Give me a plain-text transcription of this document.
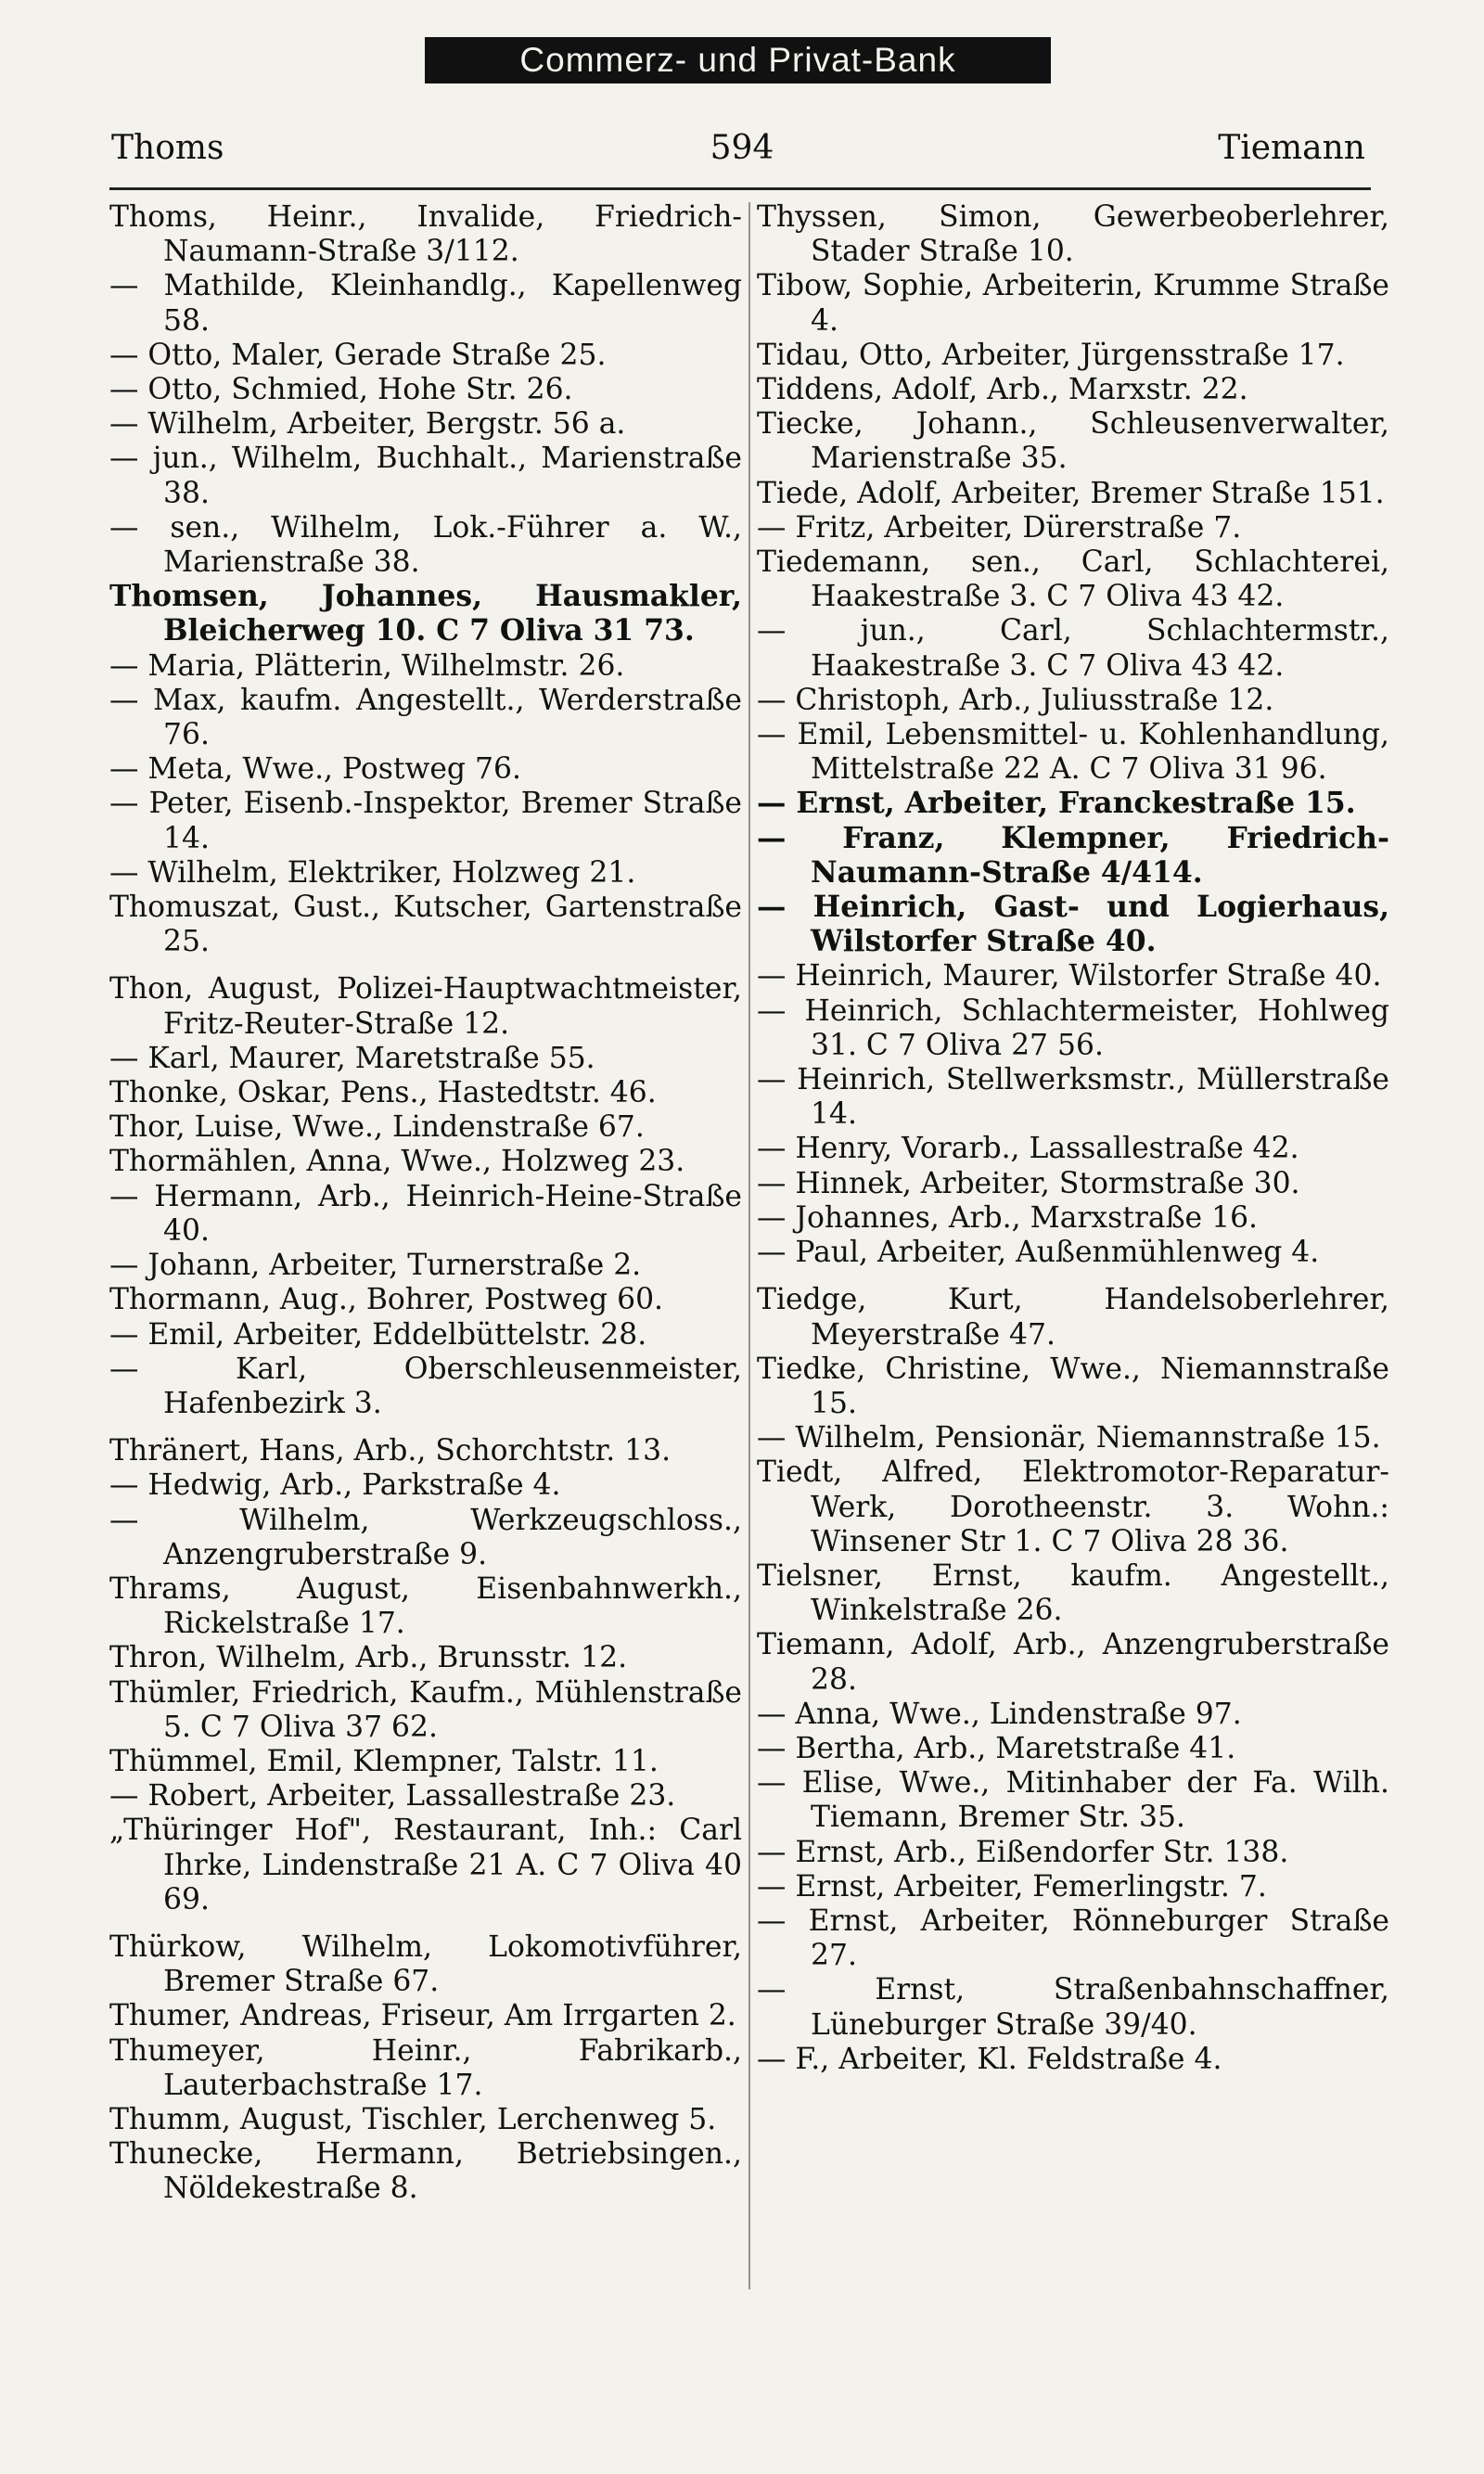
Commerz- und Privat-Bank
Thoms	594	Tiemann

Thoms, Heinr., Invalide, Friedrich-Naumann-Straße 3/112.

— Mathilde, Kleinhandlg., Kapellenweg 58.

— Otto, Maler, Gerade Straße 25.

— Otto, Schmied, Hohe Str. 26.

— Wilhelm, Arbeiter, Bergstr. 56 a.

— jun., Wilhelm, Buchhalt., Marienstraße 38.

— sen., Wilhelm, Lok.-Führer a. W., Marienstraße 38.

Thomsen, Johannes, Hausmakler, Bleicherweg 10. C 7 Oliva 31 73.

— Maria, Plätterin, Wilhelmstr. 26.

— Max, kaufm. Angestellt., Werderstraße 76.

— Meta, Wwe., Postweg 76.

— Peter, Eisenb.-Inspektor, Bremer Straße 14.

— Wilhelm, Elektriker, Holzweg 21.

Thomuszat, Gust., Kutscher, Gartenstraße 25.

Thon, August, Polizei-Hauptwachtmeister, Fritz-Reuter-Straße 12.

— Karl, Maurer, Maretstraße 55.

Thonke, Oskar, Pens., Hastedtstr. 46.

Thor, Luise, Wwe., Lindenstraße 67.

Thormählen, Anna, Wwe., Holzweg 23.

— Hermann, Arb., Heinrich-Heine-Straße 40.

— Johann, Arbeiter, Turnerstraße 2.

Thormann, Aug., Bohrer, Postweg 60.

— Emil, Arbeiter, Eddelbüttelstr. 28.

— Karl, Oberschleusenmeister, Hafenbezirk 3.

Thränert, Hans, Arb., Schorchtstr. 13.

— Hedwig, Arb., Parkstraße 4.

— Wilhelm, Werkzeugschloss., Anzengruberstraße 9.

Thrams, August, Eisenbahnwerkh., Rickelstraße 17.

Thron, Wilhelm, Arb., Brunsstr. 12.

Thümler, Friedrich, Kaufm., Mühlenstraße 5. C 7 Oliva 37 62.

Thümmel, Emil, Klempner, Talstr. 11.

— Robert, Arbeiter, Lassallestraße 23.

„Thüringer Hof", Restaurant, Inh.: Carl Ihrke, Lindenstraße 21 A. C 7 Oliva 40 69.

Thürkow, Wilhelm, Lokomotivführer, Bremer Straße 67.

Thumer, Andreas, Friseur, Am Irrgarten 2.

Thumeyer, Heinr., Fabrikarb., Lauterbachstraße 17.

Thumm, August, Tischler, Lerchenweg 5.

Thunecke, Hermann, Betriebsingen., Nöldekestraße 8.

Thyssen, Simon, Gewerbeoberlehrer, Stader Straße 10.

Tibow, Sophie, Arbeiterin, Krumme Straße 4.

Tidau, Otto, Arbeiter, Jürgensstraße 17.

Tiddens, Adolf, Arb., Marxstr. 22.

Tiecke, Johann., Schleusenverwalter, Marienstraße 35.

Tiede, Adolf, Arbeiter, Bremer Straße 151.

— Fritz, Arbeiter, Dürerstraße 7.

Tiedemann, sen., Carl, Schlachterei, Haakestraße 3. C 7 Oliva 43 42.

— jun., Carl, Schlachtermstr., Haakestraße 3. C 7 Oliva 43 42.

— Christoph, Arb., Juliusstraße 12.

— Emil, Lebensmittel- u. Kohlenhandlung, Mittelstraße 22 A. C 7 Oliva 31 96.

— Ernst, Arbeiter, Franckestraße 15.

— Franz, Klempner, Friedrich-Naumann-Straße 4/414.

— Heinrich, Gast- und Logierhaus, Wilstorfer Straße 40.

— Heinrich, Maurer, Wilstorfer Straße 40.

— Heinrich, Schlachtermeister, Hohlweg 31. C 7 Oliva 27 56.

— Heinrich, Stellwerksmstr., Müllerstraße 14.

— Henry, Vorarb., Lassallestraße 42.

— Hinnek, Arbeiter, Stormstraße 30.

— Johannes, Arb., Marxstraße 16.

— Paul, Arbeiter, Außenmühlenweg 4.

Tiedge, Kurt, Handelsoberlehrer, Meyerstraße 47.

Tiedke, Christine, Wwe., Niemannstraße 15.

— Wilhelm, Pensionär, Niemannstraße 15.

Tiedt, Alfred, Elektromotor-Reparatur-Werk, Dorotheenstr. 3. Wohn.: Winsener Str 1. C 7 Oliva 28 36.

Tielsner, Ernst, kaufm. Angestellt., Winkelstraße 26.

Tiemann, Adolf, Arb., Anzengruberstraße 28.

— Anna, Wwe., Lindenstraße 97.

— Bertha, Arb., Maretstraße 41.

— Elise, Wwe., Mitinhaber der Fa. Wilh. Tiemann, Bremer Str. 35.

— Ernst, Arb., Eißendorfer Str. 138.

— Ernst, Arbeiter, Femerlingstr. 7.

— Ernst, Arbeiter, Rönneburger Straße 27.

— Ernst, Straßenbahnschaffner, Lüneburger Straße 39/40.

— F., Arbeiter, Kl. Feldstraße 4.
